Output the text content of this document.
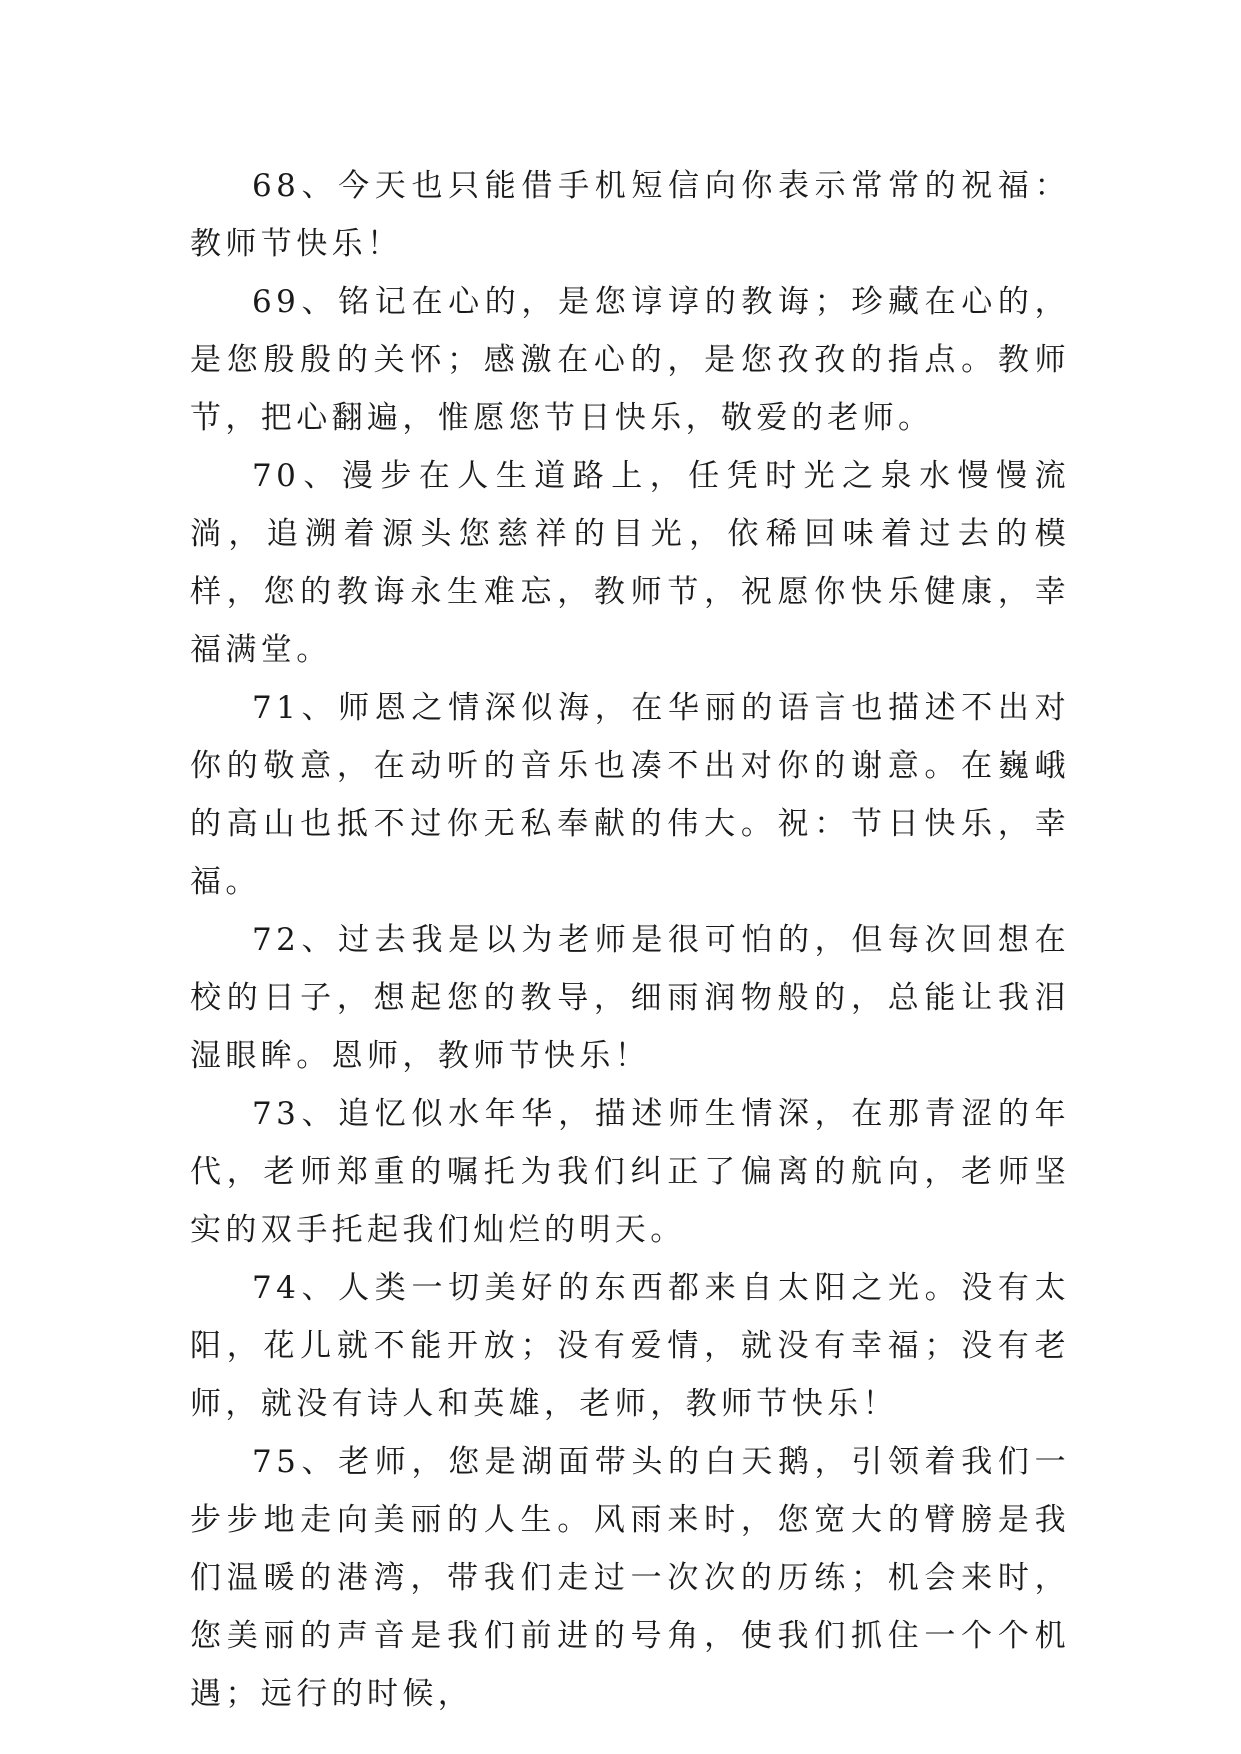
68、今天也只能借手机短信向你表示常常的祝福：教师节快乐！

69、铭记在心的，是您谆谆的教诲；珍藏在心的，是您殷殷的关怀；感激在心的，是您孜孜的指点。教师节，把心翻遍，惟愿您节日快乐，敬爱的老师。

70、漫步在人生道路上，任凭时光之泉水慢慢流淌，追溯着源头您慈祥的目光，依稀回味着过去的模样，您的教诲永生难忘，教师节，祝愿你快乐健康，幸福满堂。

71、师恩之情深似海，在华丽的语言也描述不出对你的敬意，在动听的音乐也凑不出对你的谢意。在巍峨的高山也抵不过你无私奉献的伟大。祝：节日快乐，幸福。

72、过去我是以为老师是很可怕的，但每次回想在校的日子，想起您的教导，细雨润物般的，总能让我泪湿眼眸。恩师，教师节快乐！

73、追忆似水年华，描述师生情深，在那青涩的年代，老师郑重的嘱托为我们纠正了偏离的航向，老师坚实的双手托起我们灿烂的明天。

74、人类一切美好的东西都来自太阳之光。没有太阳，花儿就不能开放；没有爱情，就没有幸福；没有老师，就没有诗人和英雄，老师，教师节快乐！

75、老师，您是湖面带头的白天鹅，引领着我们一步步地走向美丽的人生。风雨来时，您宽大的臂膀是我们温暖的港湾，带我们走过一次次的历练；机会来时，您美丽的声音是我们前进的号角，使我们抓住一个个机遇；远行的时候，
